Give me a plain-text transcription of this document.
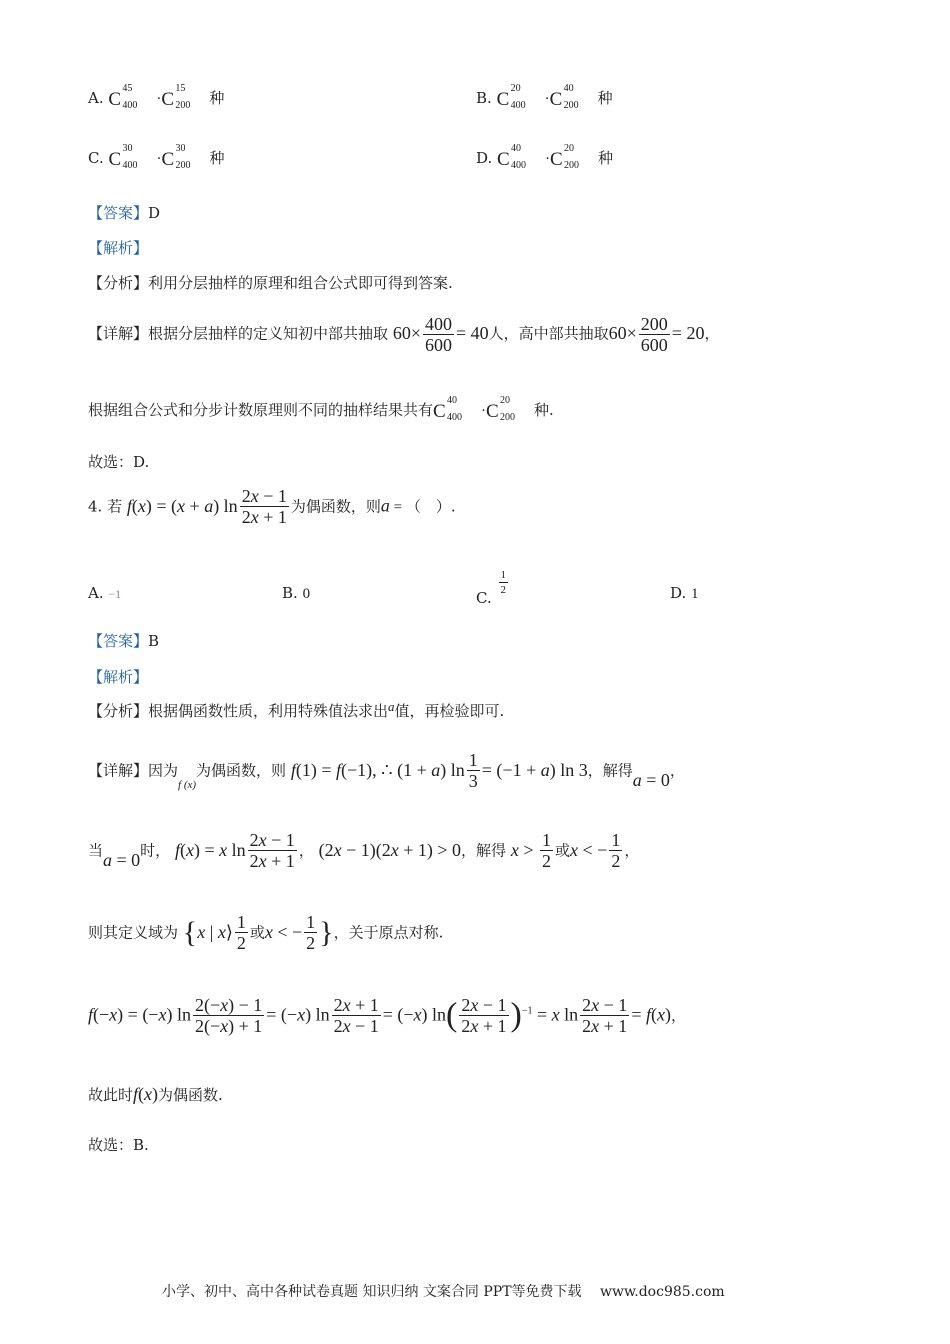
A. C
45
400 · C
15
200 种	B. C
20
400 · C
40
200 种
C. C
30
400 · C
30
200 种	D. C
40
400 · C
20
200 种
【答案】D
【解析】
【分析】利用分层抽样的原理和组合公式即可得到答案.
【详解】根据分层抽样的定义知初中部共抽取 $60\times \frac{400}{600} = 40$人，高中部共抽取$60\times \frac{200}{600} = 20$，
根据组合公式和分步计数原理则不同的抽样结果共有 C
40
400 · C
20
200 种.
故选：D.
4. 若 f(x) = (x + a) $\ln \frac{2x - 1}{2x + 1}$ 为偶函数，则a = （　）.
A. −1	B. 0	C.
$\frac{1}{2}$	D. 1
【答案】B
【解析】
【分析】根据偶函数性质，利用特殊值法求出a值，再检验即可.
【详解】因为$_{f (x)}$为偶函数，则 f(1) = f(−1), ∴ (1 + a) $\ln \frac{1}{3} = (-1 + a)$ ln 3，解得a = 0，
当a = 0时， f(x) = x $\ln \frac{2x - 1}{2x + 1}$ ， (2x − 1)(2x + 1) > 0，解得 $x > \frac{1}{2}$ 或x < − $\frac{1}{2}$ ，
则其定义域为 {x | x⟩ $\frac{1}{2}$ 或x < − $\frac{1}{2}$ }，关于原点对称.
f(−x) = (−x) $\ln \frac{2(-x) - 1}{2(-x) + 1} = (-x)$ $\ln \frac{2x + 1}{2x - 1} = (-x)$ $\ln( \frac{2x - 1}{2x + 1} )^{-1} = x$ $\ln \frac{2x - 1}{2x + 1} = f(x)$，
故此时f(x)为偶函数.
故选：B.
小学、初中、高中各种试卷真题 知识归纳 文案合同 PPT等免费下载 www.doc985.com
